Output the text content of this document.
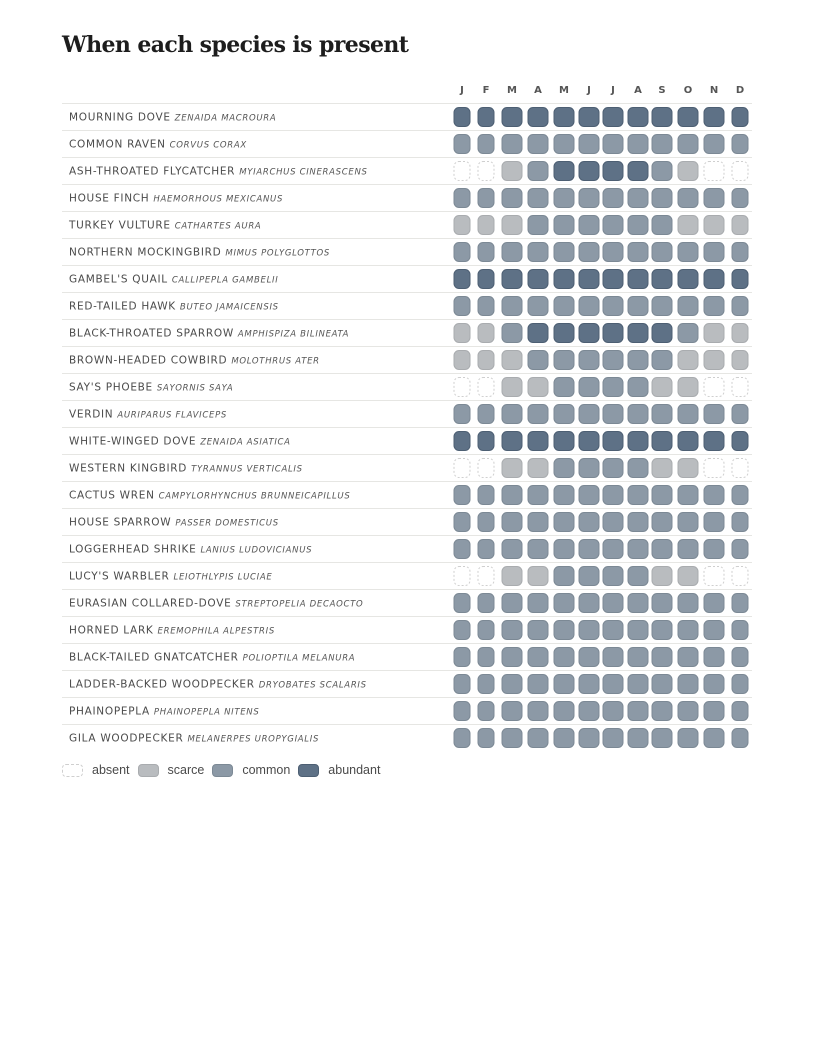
When each species is present
J F M A M J J A S O N D
MOURNING DOVE ZENAIDA MACROURA
COMMON RAVEN CORVUS CORAX
ASH-THROATED FLYCATCHER MYIARCHUS CINERASCENS
HOUSE FINCH HAEMORHOUS MEXICANUS
TURKEY VULTURE CATHARTES AURA
NORTHERN MOCKINGBIRD MIMUS POLYGLOTTOS
GAMBEL'S QUAIL CALLIPEPLA GAMBELII
RED-TAILED HAWK BUTEO JAMAICENSIS
BLACK-THROATED SPARROW AMPHISPIZA BILINEATA
BROWN-HEADED COWBIRD MOLOTHRUS ATER
SAY'S PHOEBE SAYORNIS SAYA
VERDIN AURIPARUS FLAVICEPS
WHITE-WINGED DOVE ZENAIDA ASIATICA
WESTERN KINGBIRD TYRANNUS VERTICALIS
CACTUS WREN CAMPYLORHYNCHUS BRUNNEICAPILLUS
HOUSE SPARROW PASSER DOMESTICUS
LOGGERHEAD SHRIKE LANIUS LUDOVICIANUS
LUCY'S WARBLER LEIOTHLYPIS LUCIAE
EURASIAN COLLARED-DOVE STREPTOPELIA DECAOCTO
HORNED LARK EREMOPHILA ALPESTRIS
BLACK-TAILED GNATCATCHER POLIOPTILA MELANURA
LADDER-BACKED WOODPECKER DRYOBATES SCALARIS
PHAINOPEPLA PHAINOPEPLA NITENS
GILA WOODPECKER MELANERPES UROPYGIALIS
absent	scarce	common	abundant
